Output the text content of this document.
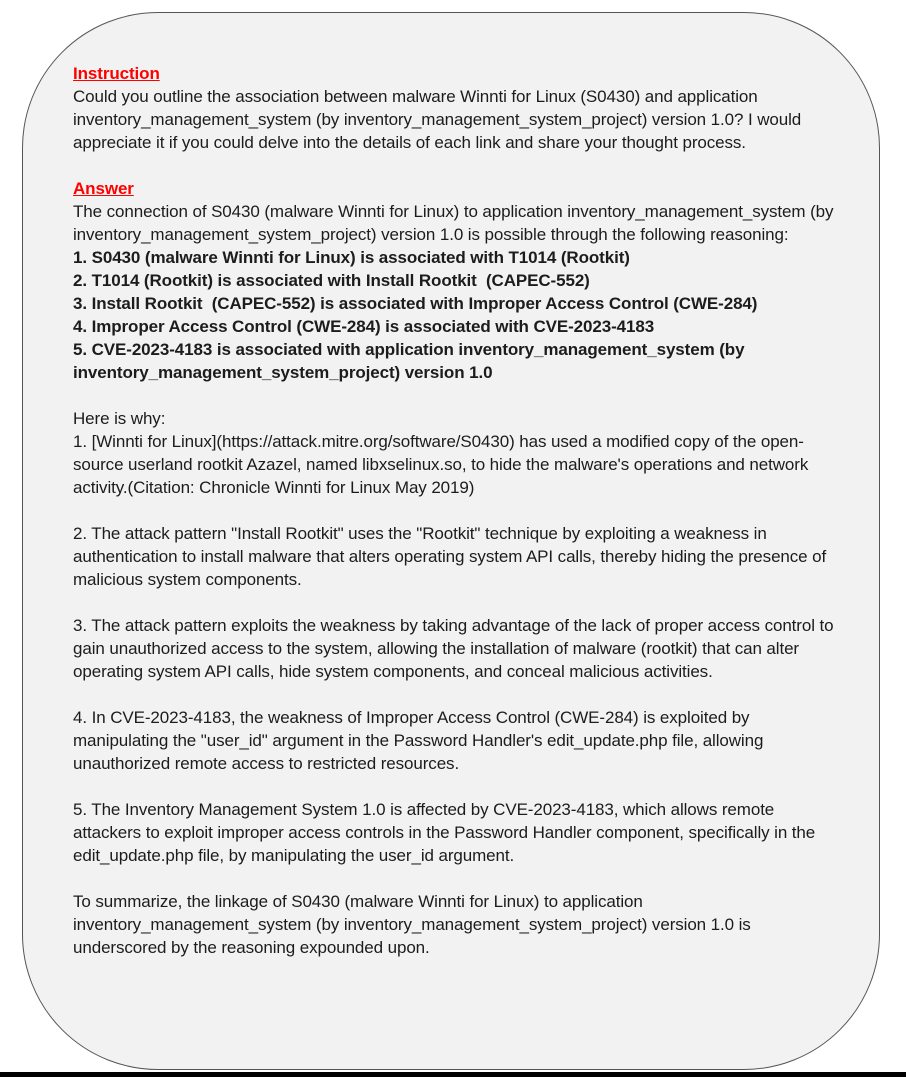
Instruction
Could you outline the association between malware Winnti for Linux (S0430) and application inventory_management_system (by inventory_management_system_project) version 1.0? I would appreciate it if you could delve into the details of each link and share your thought process.
Answer
The connection of S0430 (malware Winnti for Linux) to application inventory_management_system (by inventory_management_system_project) version 1.0 is possible through the following reasoning:
1. S0430 (malware Winnti for Linux) is associated with T1014 (Rootkit)
2. T1014 (Rootkit) is associated with Install Rootkit  (CAPEC-552)
3. Install Rootkit  (CAPEC-552) is associated with Improper Access Control (CWE-284)
4. Improper Access Control (CWE-284) is associated with CVE-2023-4183
5. CVE-2023-4183 is associated with application inventory_management_system (by inventory_management_system_project) version 1.0
Here is why:
1. [Winnti for Linux](https://attack.mitre.org/software/S0430) has used a modified copy of the open-source userland rootkit Azazel, named libxselinux.so, to hide the malware's operations and network activity.(Citation: Chronicle Winnti for Linux May 2019)
2. The attack pattern "Install Rootkit" uses the "Rootkit" technique by exploiting a weakness in authentication to install malware that alters operating system API calls, thereby hiding the presence of malicious system components.
3. The attack pattern exploits the weakness by taking advantage of the lack of proper access control to gain unauthorized access to the system, allowing the installation of malware (rootkit) that can alter operating system API calls, hide system components, and conceal malicious activities.
4. In CVE-2023-4183, the weakness of Improper Access Control (CWE-284) is exploited by manipulating the "user_id" argument in the Password Handler's edit_update.php file, allowing unauthorized remote access to restricted resources.
5. The Inventory Management System 1.0 is affected by CVE-2023-4183, which allows remote attackers to exploit improper access controls in the Password Handler component, specifically in the edit_update.php file, by manipulating the user_id argument.
To summarize, the linkage of S0430 (malware Winnti for Linux) to application inventory_management_system (by inventory_management_system_project) version 1.0 is underscored by the reasoning expounded upon.
